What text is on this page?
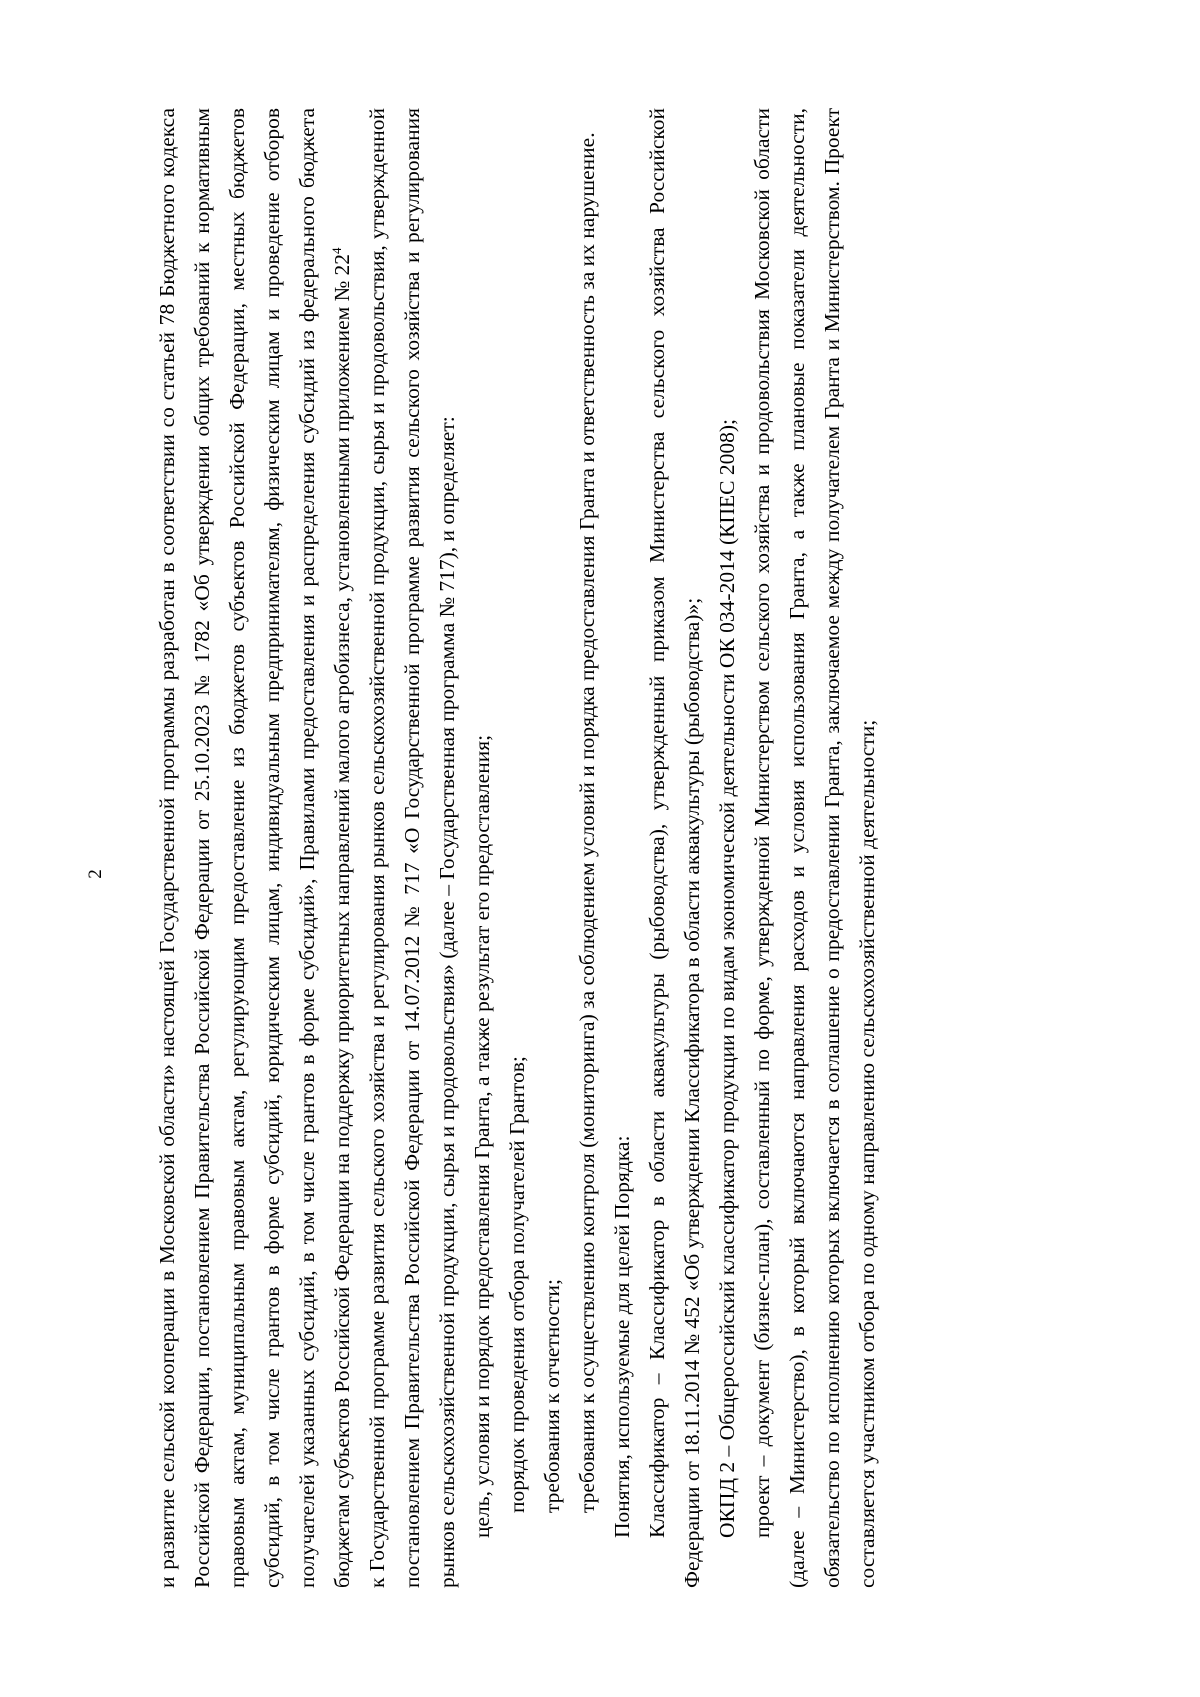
2 и развитие сельской кооперации в Московской области» настоящей Государственной программы разработан в соответствии со статьей 78 Бюджетного кодекса Российской Федерации, постановлением Правительства Российской Федерации от 25.10.2023 № 1782 «Об утверждении общих требований к нормативным правовым актам, муниципальным правовым актам, регулирующим предоставление из бюджетов субъектов Российской Федерации, местных бюджетов субсидий, в том числе грантов в форме субсидий, юридическим лицам, индивидуальным предпринимателям, физическим лицам и проведение отборов получателей указанных субсидий, в том числе грантов в форме субсидий», Правилами предоставления и распределения субсидий из федерального бюджета бюджетам субъектов Российской Федерации на поддержку приоритетных направлений малого агробизнеса, установленными приложением № $22^4$ к Государственной программе развития сельского хозяйства и регулирования рынков сельскохозяйственной продукции, сырья и продовольствия, утвержденной постановлением Правительства Российской Федерации от 14.07.2012 № 717 «О Государственной программе развития сельского хозяйства и регулирования рынков сельскохозяйственной продукции, сырья и продовольствия» (далее – Государственная программа № 717), и определяет: цель, условия и порядок предоставления Гранта, а также результат его предоставления; порядок проведения отбора получателей Грантов; требования к отчетности; требования к осуществлению контроля (мониторинга) за соблюдением условий и порядка предоставления Гранта и ответственность за их нарушение. Понятия, используемые для целей Порядка: Классификатор – Классификатор в области аквакультуры (рыбоводства), утвержденный приказом Министерства сельского хозяйства Российской Федерации от 18.11.2014 № 452 «Об утверждении Классификатора в области аквакультуры (рыбоводства)»; ОКПД 2 – Общероссийский классификатор продукции по видам экономической деятельности ОК 034-2014 (КПЕС 2008); проект – документ (бизнес-план), составленный по форме, утвержденной Министерством сельского хозяйства и продовольствия Московской области (далее – Министерство), в который включаются направления расходов и условия использования Гранта, а также плановые показатели деятельности, обязательство по исполнению которых включается в соглашение о предоставлении Гранта, заключаемое между получателем Гранта и Министерством. Проект составляется участником отбора по одному направлению сельскохозяйственной деятельности;
